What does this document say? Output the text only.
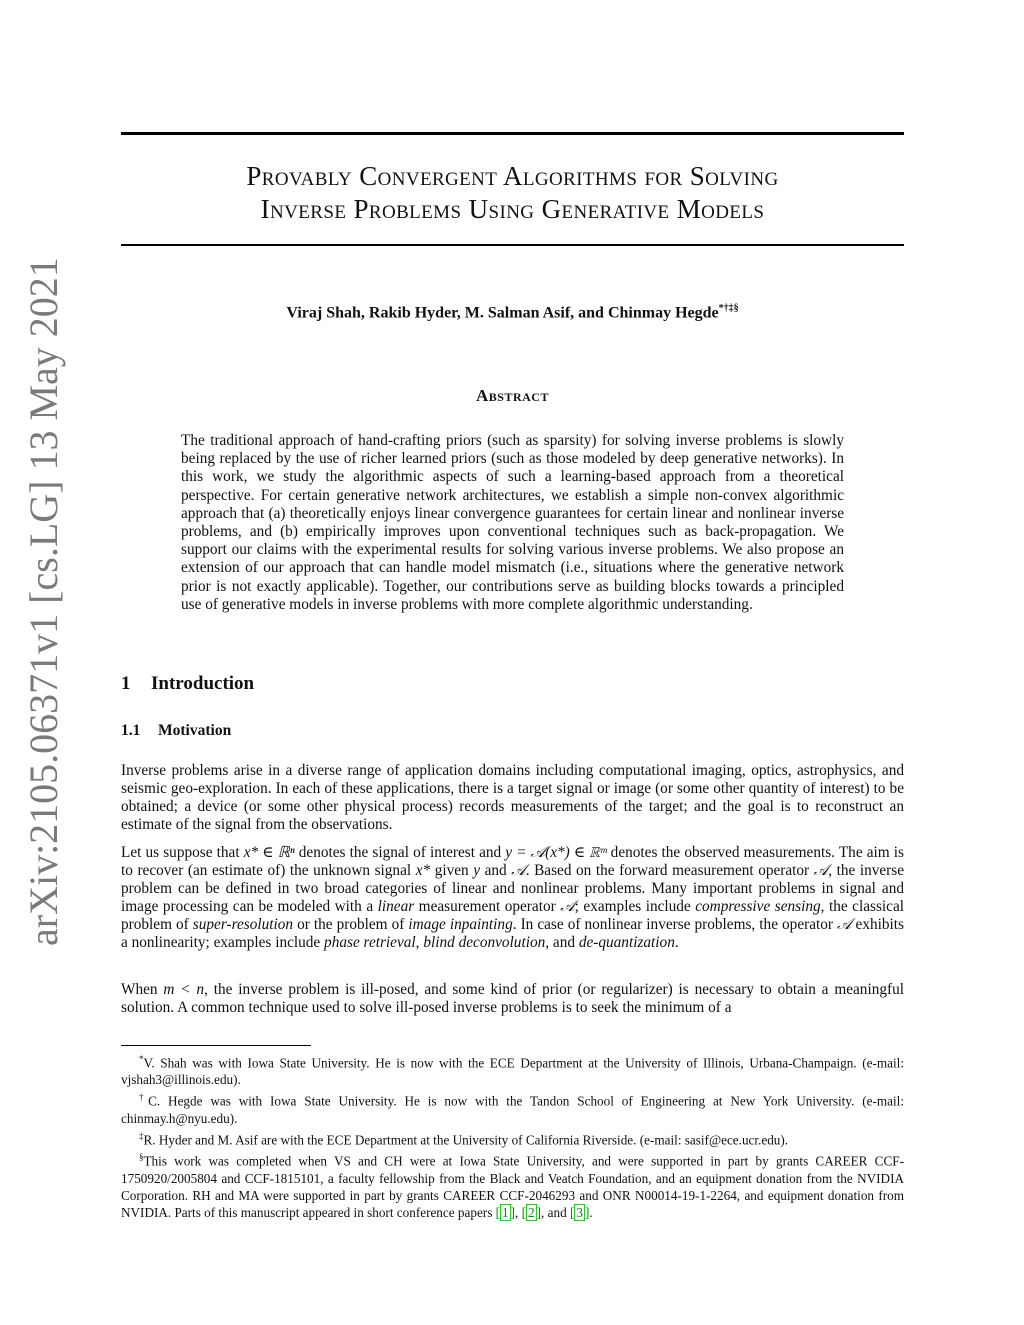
arXiv:2105.06371v1 [cs.LG] 13 May 2021
Provably Convergent Algorithms for Solving
Inverse Problems Using Generative Models
Viraj Shah, Rakib Hyder, M. Salman Asif, and Chinmay Hegde*†‡§
Abstract

The traditional approach of hand-crafting priors (such as sparsity) for solving inverse problems is slowly being replaced by the use of richer learned priors (such as those modeled by deep generative networks). In this work, we study the algorithmic aspects of such a learning-based approach from a theoretical perspective. For certain generative network architectures, we establish a simple non-convex algorithmic approach that (a) theoretically enjoys linear convergence guarantees for certain linear and nonlinear inverse problems, and (b) empirically improves upon conventional techniques such as back-propagation. We support our claims with the experimental results for solving various inverse problems. We also propose an extension of our approach that can handle model mismatch (i.e., situations where the generative network prior is not exactly applicable). Together, our contributions serve as building blocks towards a principled use of generative models in inverse problems with more complete algorithmic understanding.

1 Introduction
1.1 Motivation

Inverse problems arise in a diverse range of application domains including computational imaging, optics, astrophysics, and seismic geo-exploration. In each of these applications, there is a target signal or image (or some other quantity of interest) to be obtained; a device (or some other physical process) records measurements of the target; and the goal is to reconstruct an estimate of the signal from the observations.

Let us suppose that x* ∈ ℝⁿ denotes the signal of interest and y = 𝒜(x*) ∈ ℝᵐ denotes the observed measurements. The aim is to recover (an estimate of) the unknown signal x* given y and 𝒜. Based on the forward measurement operator 𝒜, the inverse problem can be defined in two broad categories of linear and nonlinear problems. Many important problems in signal and image processing can be modeled with a linear measurement operator 𝒜; examples include compressive sensing, the classical problem of super-resolution or the problem of image inpainting. In case of nonlinear inverse problems, the operator 𝒜 exhibits a nonlinearity; examples include phase retrieval, blind deconvolution, and de-quantization.

When m < n, the inverse problem is ill-posed, and some kind of prior (or regularizer) is necessary to obtain a meaningful solution. A common technique used to solve ill-posed inverse problems is to seek the minimum of a

*V. Shah was with Iowa State University. He is now with the ECE Department at the University of Illinois, Urbana-Champaign. (e-mail: vjshah3@illinois.edu).

†C. Hegde was with Iowa State University. He is now with the Tandon School of Engineering at New York University. (e-mail: chinmay.h@nyu.edu).

‡R. Hyder and M. Asif are with the ECE Department at the University of California Riverside. (e-mail: sasif@ece.ucr.edu).

§This work was completed when VS and CH were at Iowa State University, and were supported in part by grants CAREER CCF-1750920/2005804 and CCF-1815101, a faculty fellowship from the Black and Veatch Foundation, and an equipment donation from the NVIDIA Corporation. RH and MA were supported in part by grants CAREER CCF-2046293 and ONR N00014-19-1-2264, and equipment donation from NVIDIA. Parts of this manuscript appeared in short conference papers [ 1 ], [ 2 ], and [ 3 ].
